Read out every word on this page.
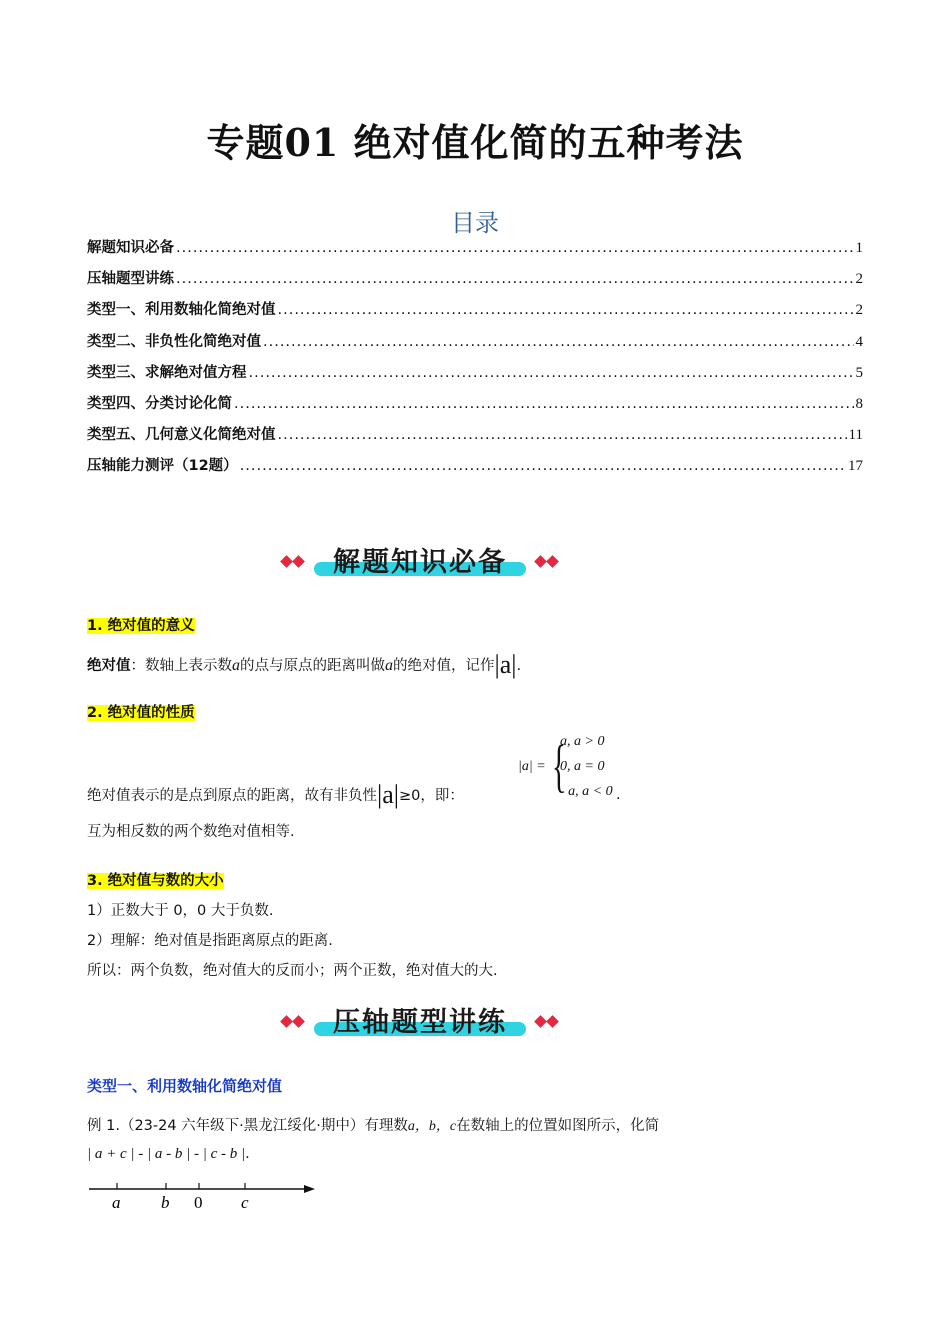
专题01 绝对值化简的五种考法
目录
解题知识必备 .....	1
压轴题型讲练 .....	2
类型一、利用数轴化简绝对值 .....	2
类型二、非负性化简绝对值 .....	4
类型三、求解绝对值方程 .....	5
类型四、分类讨论化简 .....	8
类型五、几何意义化简绝对值 .....	11
压轴能力测评（12题） .....	17
解题知识必备
1. 绝对值的意义
绝对值：数轴上表示数a的点与原点的距离叫做a的绝对值，记作|a|.
2. 绝对值的性质
绝对值表示的是点到原点的距离，故有非负性|a|≥0，即：
|a| = {
a, a > 0
0, a = 0
- a, a < 0 .
互为相反数的两个数绝对值相等.
3. 绝对值与数的大小
1）正数大于 0，0 大于负数.
2）理解：绝对值是指距离原点的距离.
所以：两个负数，绝对值大的反而小；两个正数，绝对值大的大.
压轴题型讲练
类型一、利用数轴化简绝对值
例 1.（23-24 六年级下·黑龙江绥化·期中）有理数a，b，c在数轴上的位置如图所示，化简
| a + c | - | a - b | - | c - b |.
a b 0 c
